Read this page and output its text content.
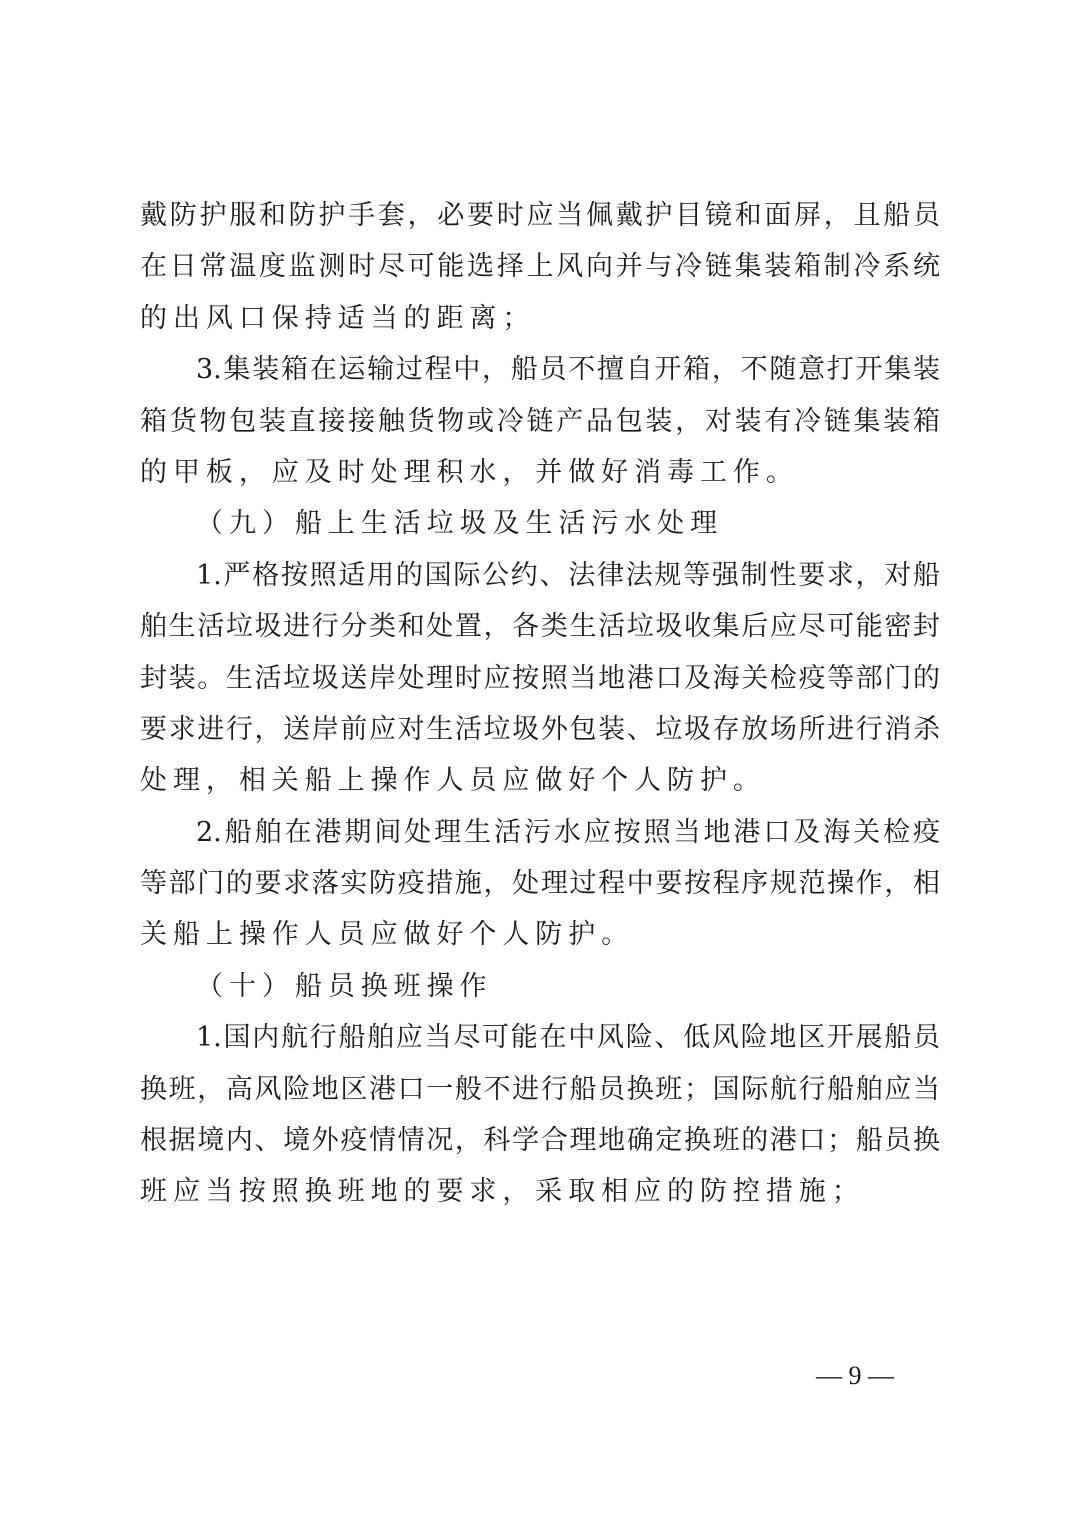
戴防护服和防护手套，必要时应当佩戴护目镜和面屏，且船员
在日常温度监测时尽可能选择上风向并与冷链集装箱制冷系统
的出风口保持适当的距离；
3.集装箱在运输过程中，船员不擅自开箱，不随意打开集装
箱货物包装直接接触货物或冷链产品包装，对装有冷链集装箱
的甲板，应及时处理积水，并做好消毒工作。
（九）船上生活垃圾及生活污水处理
1.严格按照适用的国际公约、法律法规等强制性要求，对船
舶生活垃圾进行分类和处置，各类生活垃圾收集后应尽可能密封
封装。生活垃圾送岸处理时应按照当地港口及海关检疫等部门的
要求进行，送岸前应对生活垃圾外包装、垃圾存放场所进行消杀
处理，相关船上操作人员应做好个人防护。
2.船舶在港期间处理生活污水应按照当地港口及海关检疫
等部门的要求落实防疫措施，处理过程中要按程序规范操作，相
关船上操作人员应做好个人防护。
（十）船员换班操作
1.国内航行船舶应当尽可能在中风险、低风险地区开展船员
换班，高风险地区港口一般不进行船员换班；国际航行船舶应当
根据境内、境外疫情情况，科学合理地确定换班的港口；船员换
班应当按照换班地的要求，采取相应的防控措施；
— 9 —
